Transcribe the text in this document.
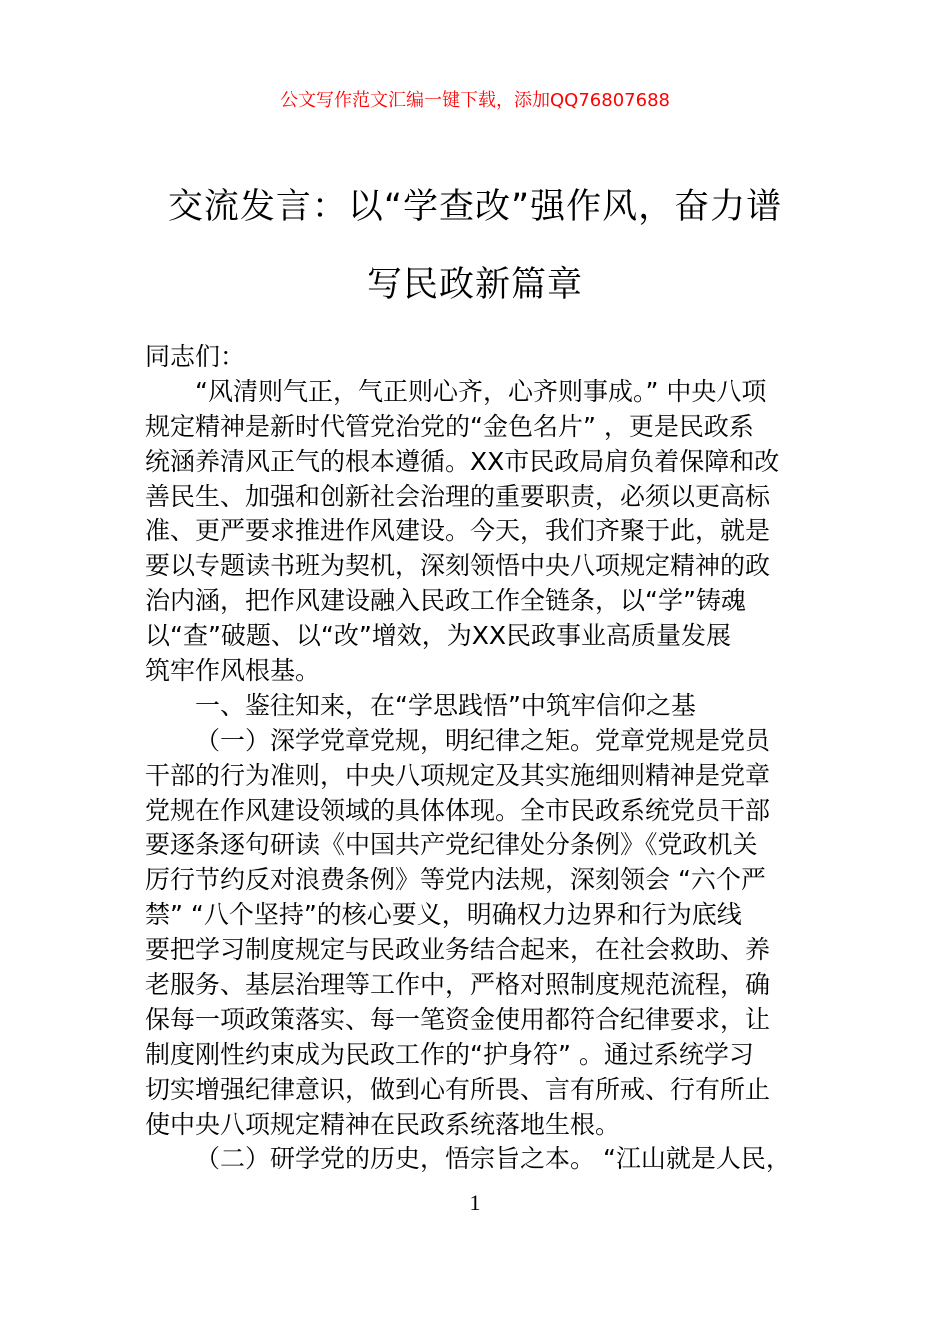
公文写作范文汇编一键下载，添加QQ76807688
交流发言：以“学查改”强作风，奋力谱
写民政新篇章
同志们：
“风清则气正，气正则心齐，心齐则事成。” 中央八项
规定精神是新时代管党治党的“金色名片” ，更是民政系
统涵养清风正气的根本遵循。XX市民政局肩负着保障和改
善民生、加强和创新社会治理的重要职责，必须以更高标
准、更严要求推进作风建设。今天，我们齐聚于此，就是
要以专题读书班为契机，深刻领悟中央八项规定精神的政
治内涵，把作风建设融入民政工作全链条，以“学”铸魂
以“查”破题、以“改”增效，为XX民政事业高质量发展
筑牢作风根基。
一、鉴往知来，在“学思践悟”中筑牢信仰之基
（一）深学党章党规，明纪律之矩。党章党规是党员
干部的行为准则，中央八项规定及其实施细则精神是党章
党规在作风建设领域的具体体现。全市民政系统党员干部
要逐条逐句研读《中国共产党纪律处分条例》《党政机关
厉行节约反对浪费条例》等党内法规，深刻领会 “六个严
禁” “八个坚持”的核心要义，明确权力边界和行为底线
要把学习制度规定与民政业务结合起来，在社会救助、养
老服务、基层治理等工作中，严格对照制度规范流程，确
保每一项政策落实、每一笔资金使用都符合纪律要求，让
制度刚性约束成为民政工作的“护身符” 。通过系统学习
切实增强纪律意识，做到心有所畏、言有所戒、行有所止
使中央八项规定精神在民政系统落地生根。
（二）研学党的历史，悟宗旨之本。 “江山就是人民，
1
